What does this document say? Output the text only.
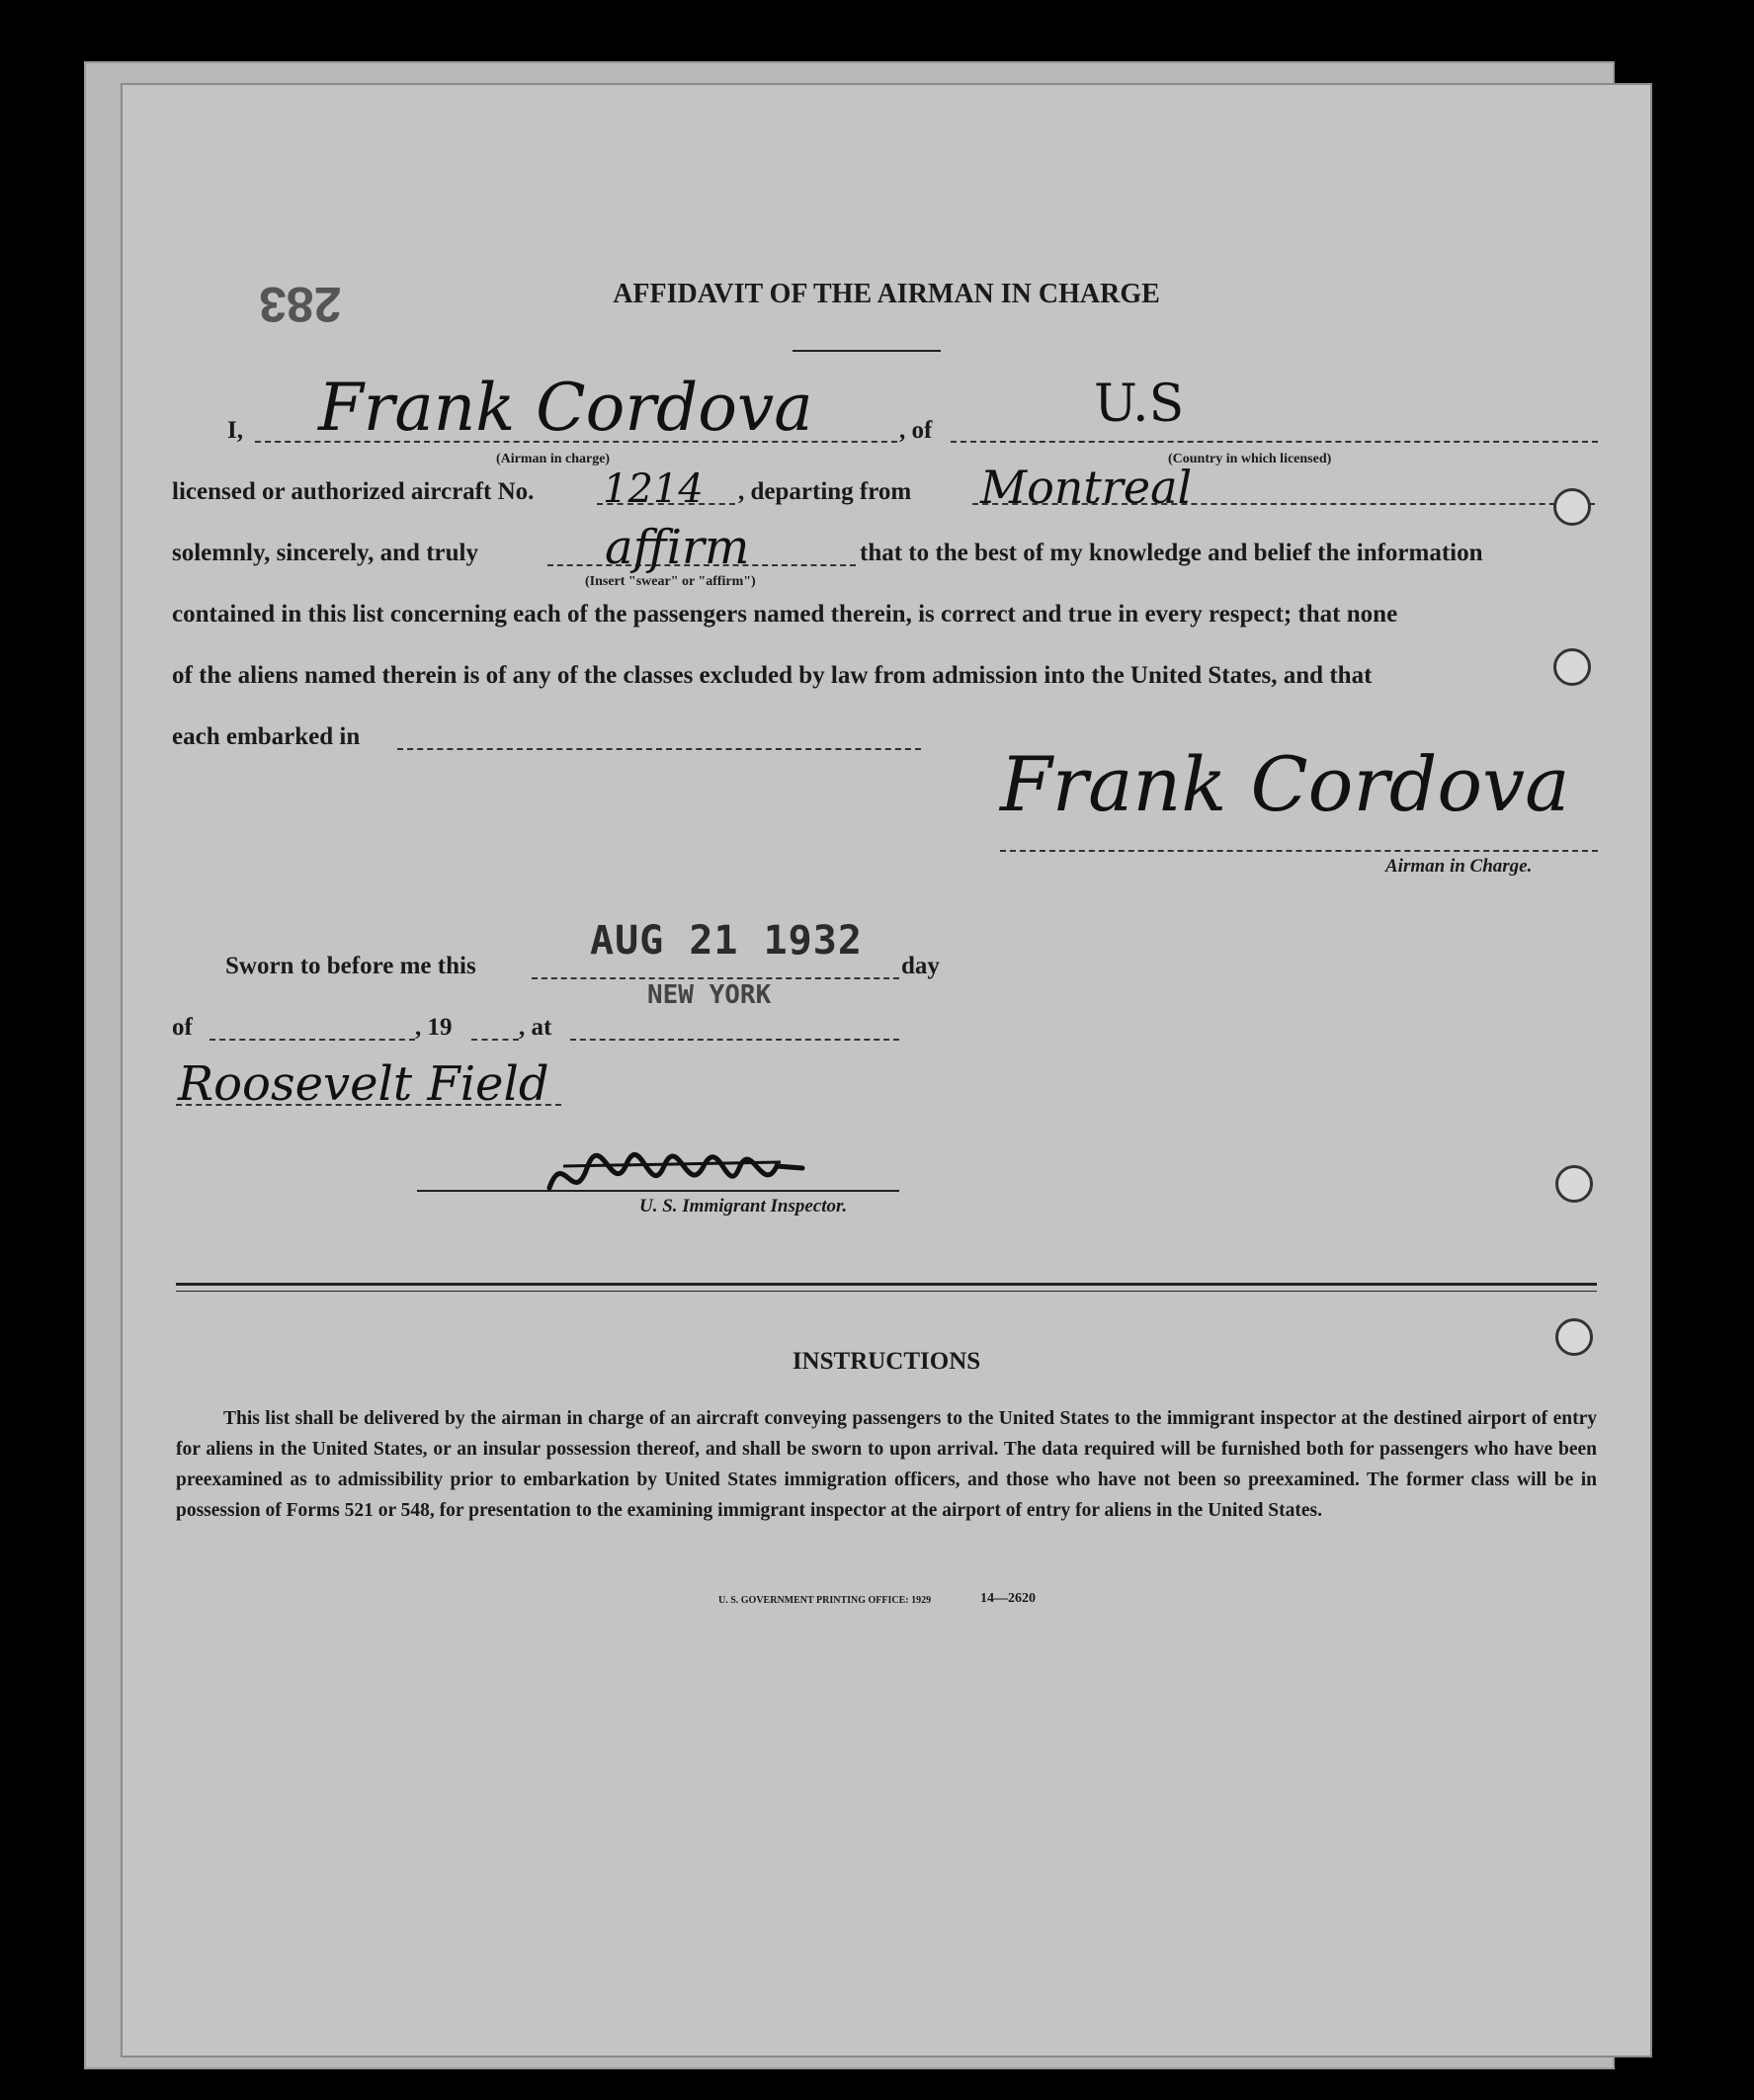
283	AFFIDAVIT OF THE AIRMAN IN CHARGE
I, Frank Cordova
(Airman in charge)
, of	U.S
(Country in which licensed)
licensed or authorized aircraft No. 1214 , departing from Montreal
solemnly, sincerely, and truly	affirm
(Insert "swear" or "affirm")
that to the best of my knowledge and belief the information
contained in this list concerning each of the passengers named therein, is correct and true in every respect; that none
of the aliens named therein is of any of the classes excluded by law from admission into the United States, and that
each embarked in
Frank Cordova
Airman in Charge.
Sworn to before me this
AUG 21 1932
day
NEW YORK
of	, 19	, at
Roosevelt Field
U. S. Immigrant Inspector.
INSTRUCTIONS
This list shall be delivered by the airman in charge of an aircraft conveying passengers to the United States to the immigrant inspector at the destined airport of entry for aliens in the United States, or an insular possession thereof, and shall be sworn to upon arrival. The data required will be furnished both for passengers who have been preexamined as to admissibility prior to embarkation by United States immigration officers, and those who have not been so preexamined. The former class will be in possession of Forms 521 or 548, for presentation to the examining immigrant inspector at the airport of entry for aliens in the United States.
U. S. GOVERNMENT PRINTING OFFICE: 1929	14—2620
